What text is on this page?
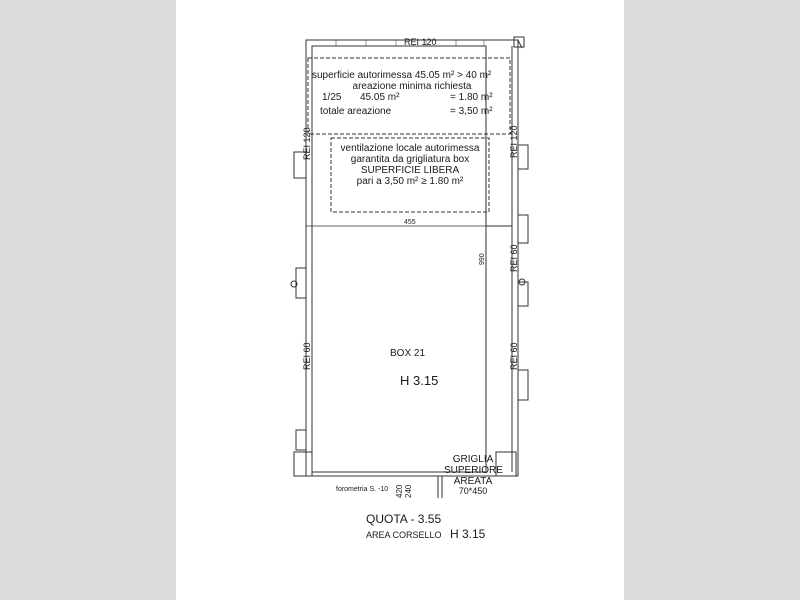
REI 120
REI 120	REI 120
REI 60
REI 60
REI 60
superficie autorimessa 45.05 m² > 40 m²
areazione minima richiesta
1/25 45.05 m²	= 1.80 m²
totale areazione	= 3,50 m²
ventilazione locale autorimessa
garantita da grigliatura box
SUPERFICIE LIBERA
pari a 3,50 m² ≥ 1.80 m²
455
990
BOX 21
H 3.15
GRIGLIA
SUPERIORE
AREATA
70*450
420 240
forometria S. -10
QUOTA - 3.55
AREA CORSELLO H 3.15
